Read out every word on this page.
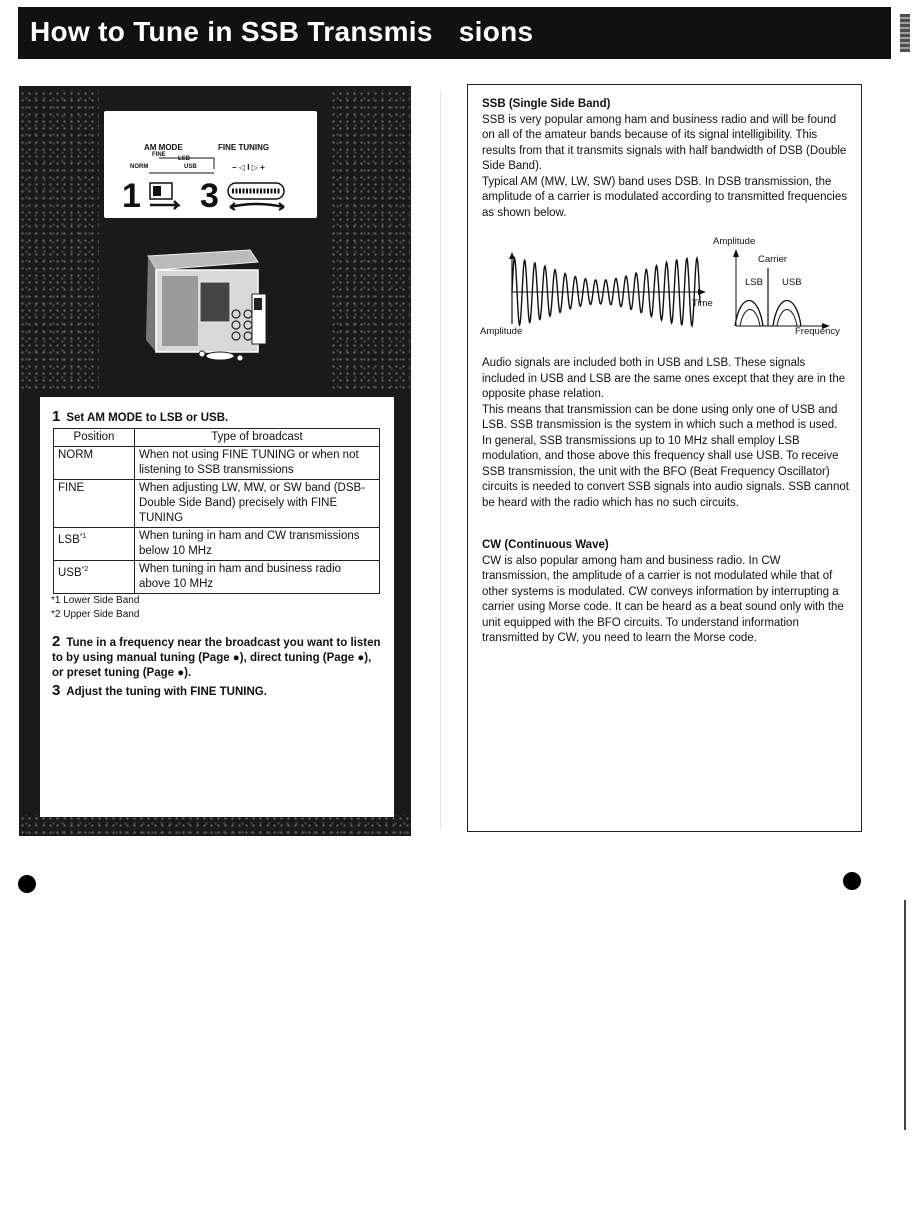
How to Tune in SSB Transmis sions
AM MODE	FINE TUNING
FINE
LSB
NORM	USB	− ◁ I ▷ +
1 3
1 Set AM MODE to LSB or USB.
Position	Type of broadcast
NORM	When not using FINE TUNING or when not listening to SSB transmissions
FINE	When adjusting LW, MW, or SW band (DSB-Double Side Band) precisely with FINE TUNING
LSB$^{*1}$	When tuning in ham and CW transmissions below 10 MHz
USB$^{*2}$	When tuning in ham and business radio above 10 MHz
*1 Lower Side Band
*2 Upper Side Band
2 Tune in a frequency near the broadcast you want to listen to by using manual tuning (Page ●), direct tuning (Page ●), or preset tuning (Page ●).
3 Adjust the tuning with FINE TUNING.
SSB (Single Side Band)
SSB is very popular among ham and business radio and will be found on all of the amateur bands because of its signal intelligibility. This results from that it transmits signals with half bandwidth of DSB (Double Side Band).
Typical AM (MW, LW, SW) band uses DSB. In DSB transmission, the amplitude of a carrier is modulated according to transmitted frequencies as shown below.
Amplitude
Carrier
LSB USB
Time
Amplitude	Frequency
Audio signals are included both in USB and LSB. These signals included in USB and LSB are the same ones except that they are in the opposite phase relation.
This means that transmission can be done using only one of USB and LSB. SSB transmission is the system in which such a method is used. In general, SSB transmissions up to 10 MHz shall employ LSB modulation, and those above this frequency shall use USB. To receive SSB transmission, the unit with the BFO (Beat Frequency Oscillator) circuits is needed to convert SSB signals into audio signals. SSB cannot be heard with the radio which has no such circuits.
CW (Continuous Wave)
CW is also popular among ham and business radio. In CW transmission, the amplitude of a carrier is not modulated while that of other systems is modulated. CW conveys information by interrupting a carrier using Morse code. It can be heard as a beat sound only with the unit equipped with the BFO circuits. To understand information transmitted by CW, you need to learn the Morse code.
